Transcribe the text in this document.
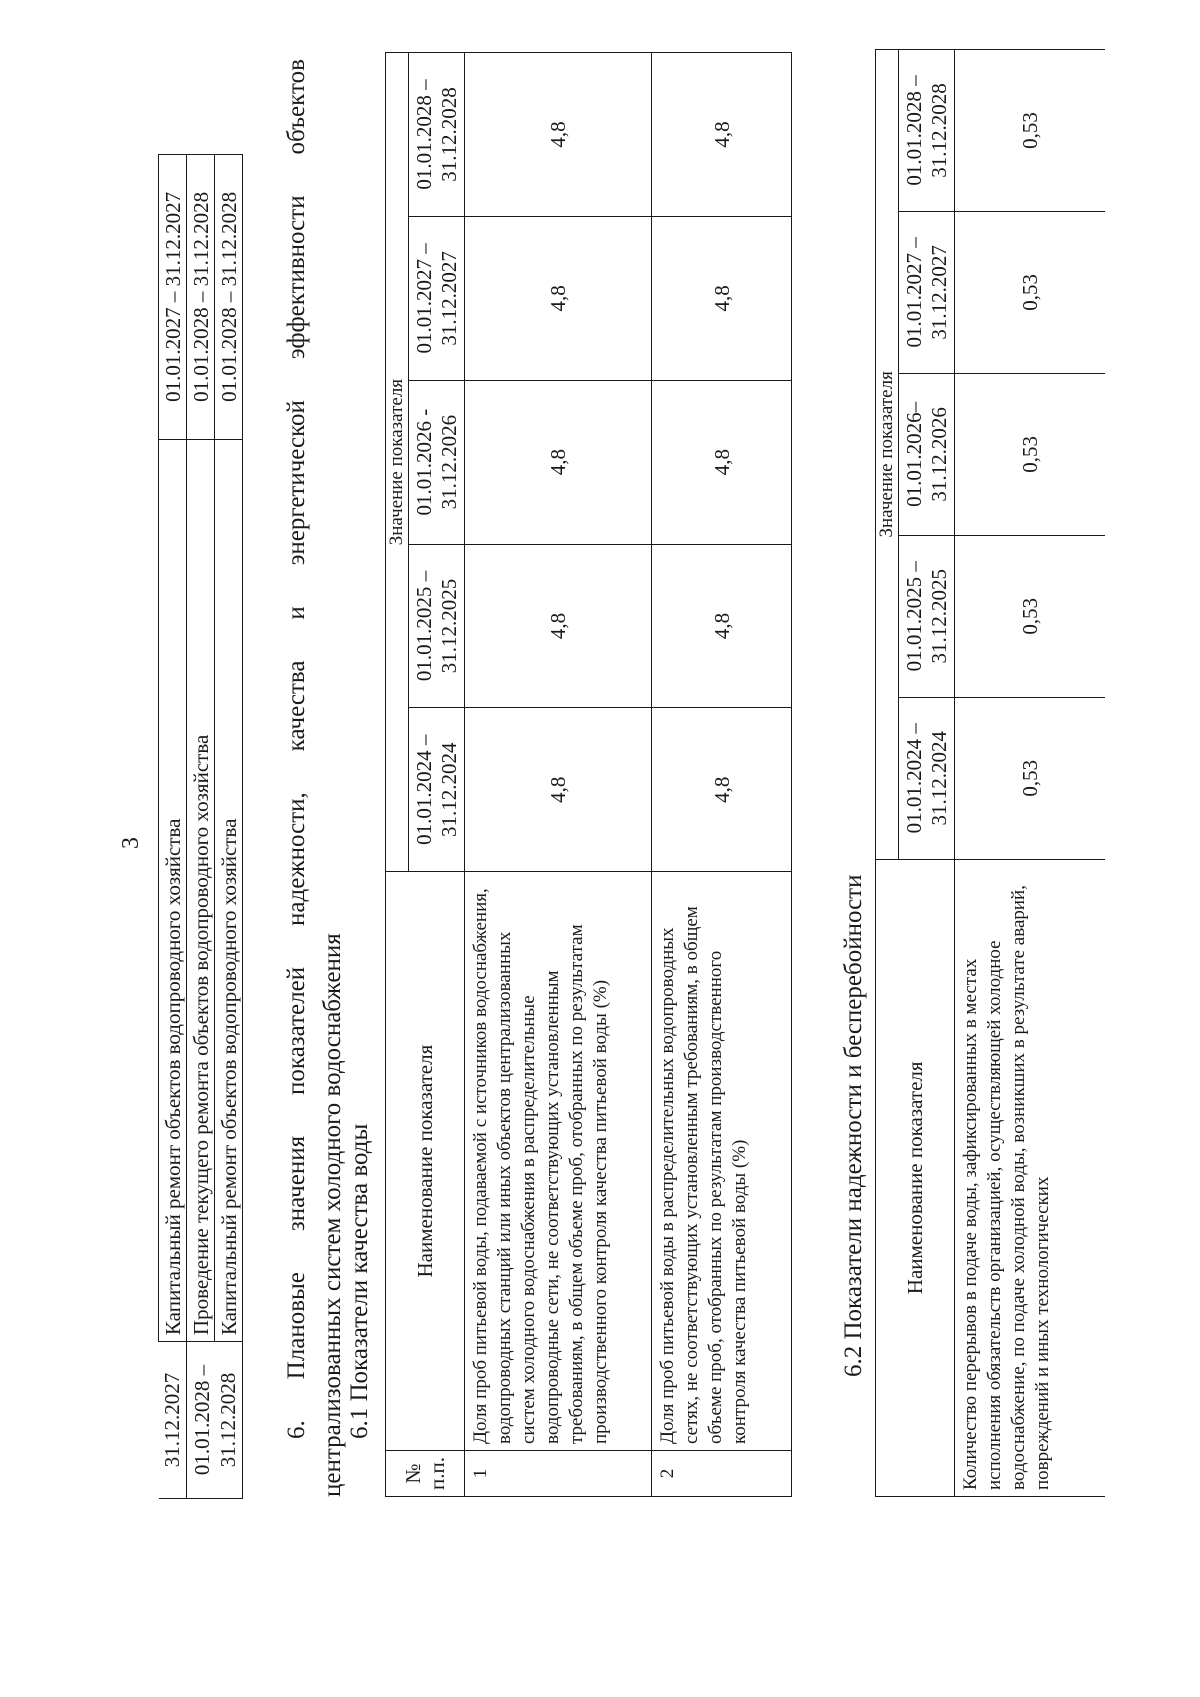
3
31.12.2027	Капитальный ремонт объектов водопроводного хозяйства	01.01.2027 – 31.12.2027
01.01.2028 –
31.12.2028	Проведение текущего ремонта объектов водопроводного хозяйства	01.01.2028 – 31.12.2028
	Капитальный ремонт объектов водопроводного хозяйства	01.01.2028 – 31.12.2028
6.
Плановые
значения
показателей
надежности,
качества
и
энергетической
эффективности
объектов
централизованных систем холодного водоснабжения 6.1 Показатели качества воды
№
п.п.	Наименование показателя	Значение показателя				
		01.01.2024 –
31.12.2024	01.01.2025 –
31.12.2025	01.01.2026 -
31.12.2026	01.01.2027 –
31.12.2027	01.01.2028 –
31.12.2028
1	Доля проб питьевой воды, подаваемой с источников водоснабжения, водопроводных станций или иных объектов централизованных систем холодного водоснабжения в распределительные водопроводные сети, не соответствующих установленным требованиям, в общем объеме проб, отобранных по результатам производственного контроля качества питьевой воды (%)	4,8	4,8	4,8	4,8	4,8
2	Доля проб питьевой воды в распределительных водопроводных сетях, не соответствующих установленным требованиям, в общем объеме проб, отобранных по результатам производственного контроля качества питьевой воды (%)	4,8	4,8	4,8	4,8	4,8
6.2 Показатели надежности и бесперебойности Наименование показателя	Значение показателя				
	01.01.2024 –
31.12.2024	01.01.2025 –
31.12.2025	01.01.2026–
31.12.2026	01.01.2027 –
31.12.2027	01.01.2028 –
31.12.2028
Количество перерывов в подаче воды, зафиксированных в местах исполнения обязательств организацией, осуществляющей холодное водоснабжение, по подаче холодной воды, возникших в результате аварий, повреждений и иных технологических	0,53	0,53	0,53	0,53	0,53
